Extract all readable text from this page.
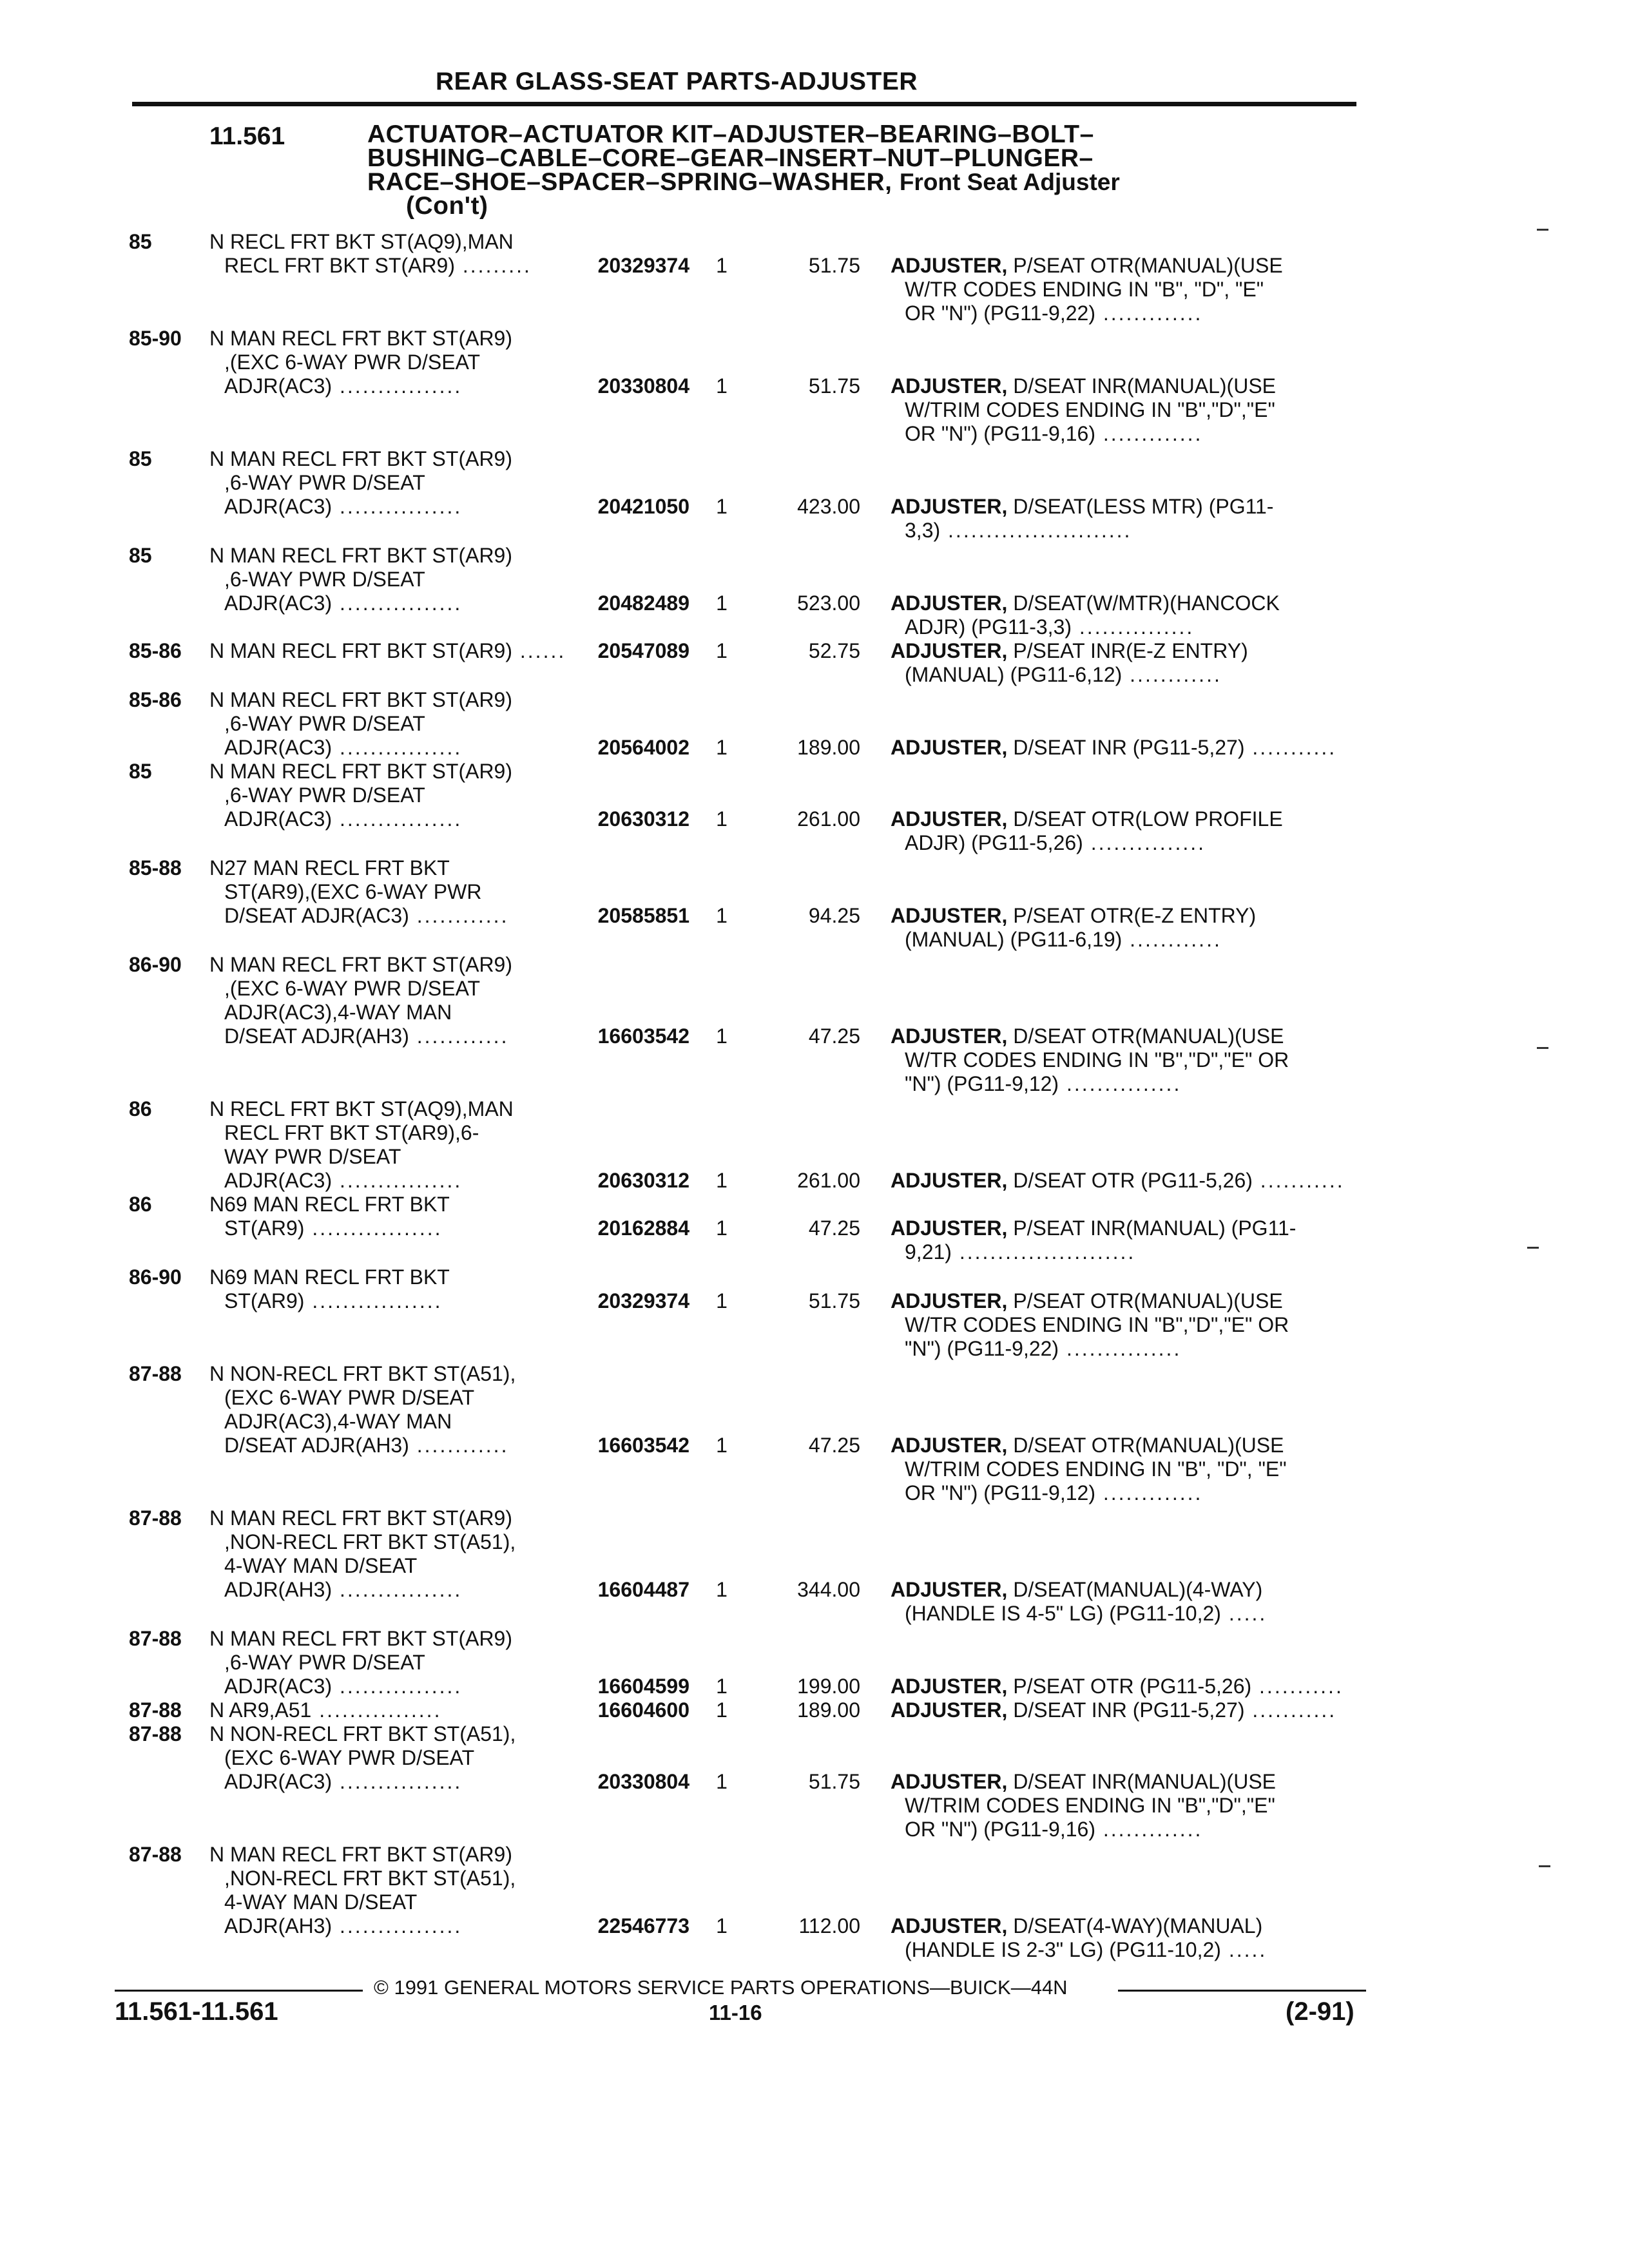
REAR GLASS-SEAT PARTS-ADJUSTER
11.561	ACTUATOR–ACTUATOR KIT–ADJUSTER–BEARING–BOLT–
BUSHING–CABLE–CORE–GEAR–INSERT–NUT–PLUNGER–
RACE–SHOE–SPACER–SPRING–WASHER, Front Seat Adjuster
(Con't)
85	N RECL FRT BKT ST(AQ9),MAN
RECL FRT BKT ST(AR9) .........	20329374 1	51.75 ADJUSTER, P/SEAT OTR(MANUAL)(USE
W/TR CODES ENDING IN "B", "D", "E"
OR "N") (PG11-9,22) .............
85-90 N MAN RECL FRT BKT ST(AR9)
,(EXC 6-WAY PWR D/SEAT
ADJR(AC3) ................	20330804 1	51.75 ADJUSTER, D/SEAT INR(MANUAL)(USE
W/TRIM CODES ENDING IN "B","D","E"
OR "N") (PG11-9,16) .............
85	N MAN RECL FRT BKT ST(AR9)
,6-WAY PWR D/SEAT
ADJR(AC3) ................	20421050 1	423.00 ADJUSTER, D/SEAT(LESS MTR) (PG11-
3,3) ........................
85	N MAN RECL FRT BKT ST(AR9)
,6-WAY PWR D/SEAT
ADJR(AC3) ................	20482489 1	523.00 ADJUSTER, D/SEAT(W/MTR)(HANCOCK
ADJR) (PG11-3,3) ...............
85-86 N MAN RECL FRT BKT ST(AR9) ......	20547089 1	52.75 ADJUSTER, P/SEAT INR(E-Z ENTRY)
(MANUAL) (PG11-6,12) ............
85-86 N MAN RECL FRT BKT ST(AR9)
,6-WAY PWR D/SEAT
ADJR(AC3) ................	20564002 1	189.00 ADJUSTER, D/SEAT INR (PG11-5,27) ...........
85	N MAN RECL FRT BKT ST(AR9)
,6-WAY PWR D/SEAT
ADJR(AC3) ................	20630312 1	261.00 ADJUSTER, D/SEAT OTR(LOW PROFILE
ADJR) (PG11-5,26) ...............
85-88 N27 MAN RECL FRT BKT
ST(AR9),(EXC 6-WAY PWR
D/SEAT ADJR(AC3) ............	20585851 1	94.25 ADJUSTER, P/SEAT OTR(E-Z ENTRY)
(MANUAL) (PG11-6,19) ............
86-90 N MAN RECL FRT BKT ST(AR9)
,(EXC 6-WAY PWR D/SEAT
ADJR(AC3),4-WAY MAN
D/SEAT ADJR(AH3) ............	16603542 1	47.25 ADJUSTER, D/SEAT OTR(MANUAL)(USE
W/TR CODES ENDING IN "B","D","E" OR
"N") (PG11-9,12) ...............
86	N RECL FRT BKT ST(AQ9),MAN
RECL FRT BKT ST(AR9),6-
WAY PWR D/SEAT
ADJR(AC3) ................	20630312 1	261.00 ADJUSTER, D/SEAT OTR (PG11-5,26) ...........
86	N69 MAN RECL FRT BKT
ST(AR9) .................	20162884 1	47.25 ADJUSTER, P/SEAT INR(MANUAL) (PG11-
9,21) .......................
86-90 N69 MAN RECL FRT BKT
ST(AR9) .................	20329374 1	51.75 ADJUSTER, P/SEAT OTR(MANUAL)(USE
W/TR CODES ENDING IN "B","D","E" OR
"N") (PG11-9,22) ...............
87-88 N NON-RECL FRT BKT ST(A51),
(EXC 6-WAY PWR D/SEAT
ADJR(AC3),4-WAY MAN
D/SEAT ADJR(AH3) ............	16603542 1	47.25 ADJUSTER, D/SEAT OTR(MANUAL)(USE
W/TRIM CODES ENDING IN "B", "D", "E"
OR "N") (PG11-9,12) .............
87-88 N MAN RECL FRT BKT ST(AR9)
,NON-RECL FRT BKT ST(A51),
4-WAY MAN D/SEAT
ADJR(AH3) ................	16604487 1	344.00 ADJUSTER, D/SEAT(MANUAL)(4-WAY)
(HANDLE IS 4-5" LG) (PG11-10,2) .....
87-88 N MAN RECL FRT BKT ST(AR9)
,6-WAY PWR D/SEAT
ADJR(AC3) ................	16604599 1	199.00 ADJUSTER, P/SEAT OTR (PG11-5,26) ...........
87-88 N AR9,A51 ................	16604600 1	189.00 ADJUSTER, D/SEAT INR (PG11-5,27) ...........
87-88 N NON-RECL FRT BKT ST(A51),
(EXC 6-WAY PWR D/SEAT
ADJR(AC3) ................	20330804 1	51.75 ADJUSTER, D/SEAT INR(MANUAL)(USE
W/TRIM CODES ENDING IN "B","D","E"
OR "N") (PG11-9,16) .............
87-88 N MAN RECL FRT BKT ST(AR9)
,NON-RECL FRT BKT ST(A51),
4-WAY MAN D/SEAT
ADJR(AH3) ................	22546773 1	112.00 ADJUSTER, D/SEAT(4-WAY)(MANUAL)
(HANDLE IS 2-3" LG) (PG11-10,2) .....
© 1991 GENERAL MOTORS SERVICE PARTS OPERATIONS—BUICK—44N
11.561-11.561	11-16	(2-91)
